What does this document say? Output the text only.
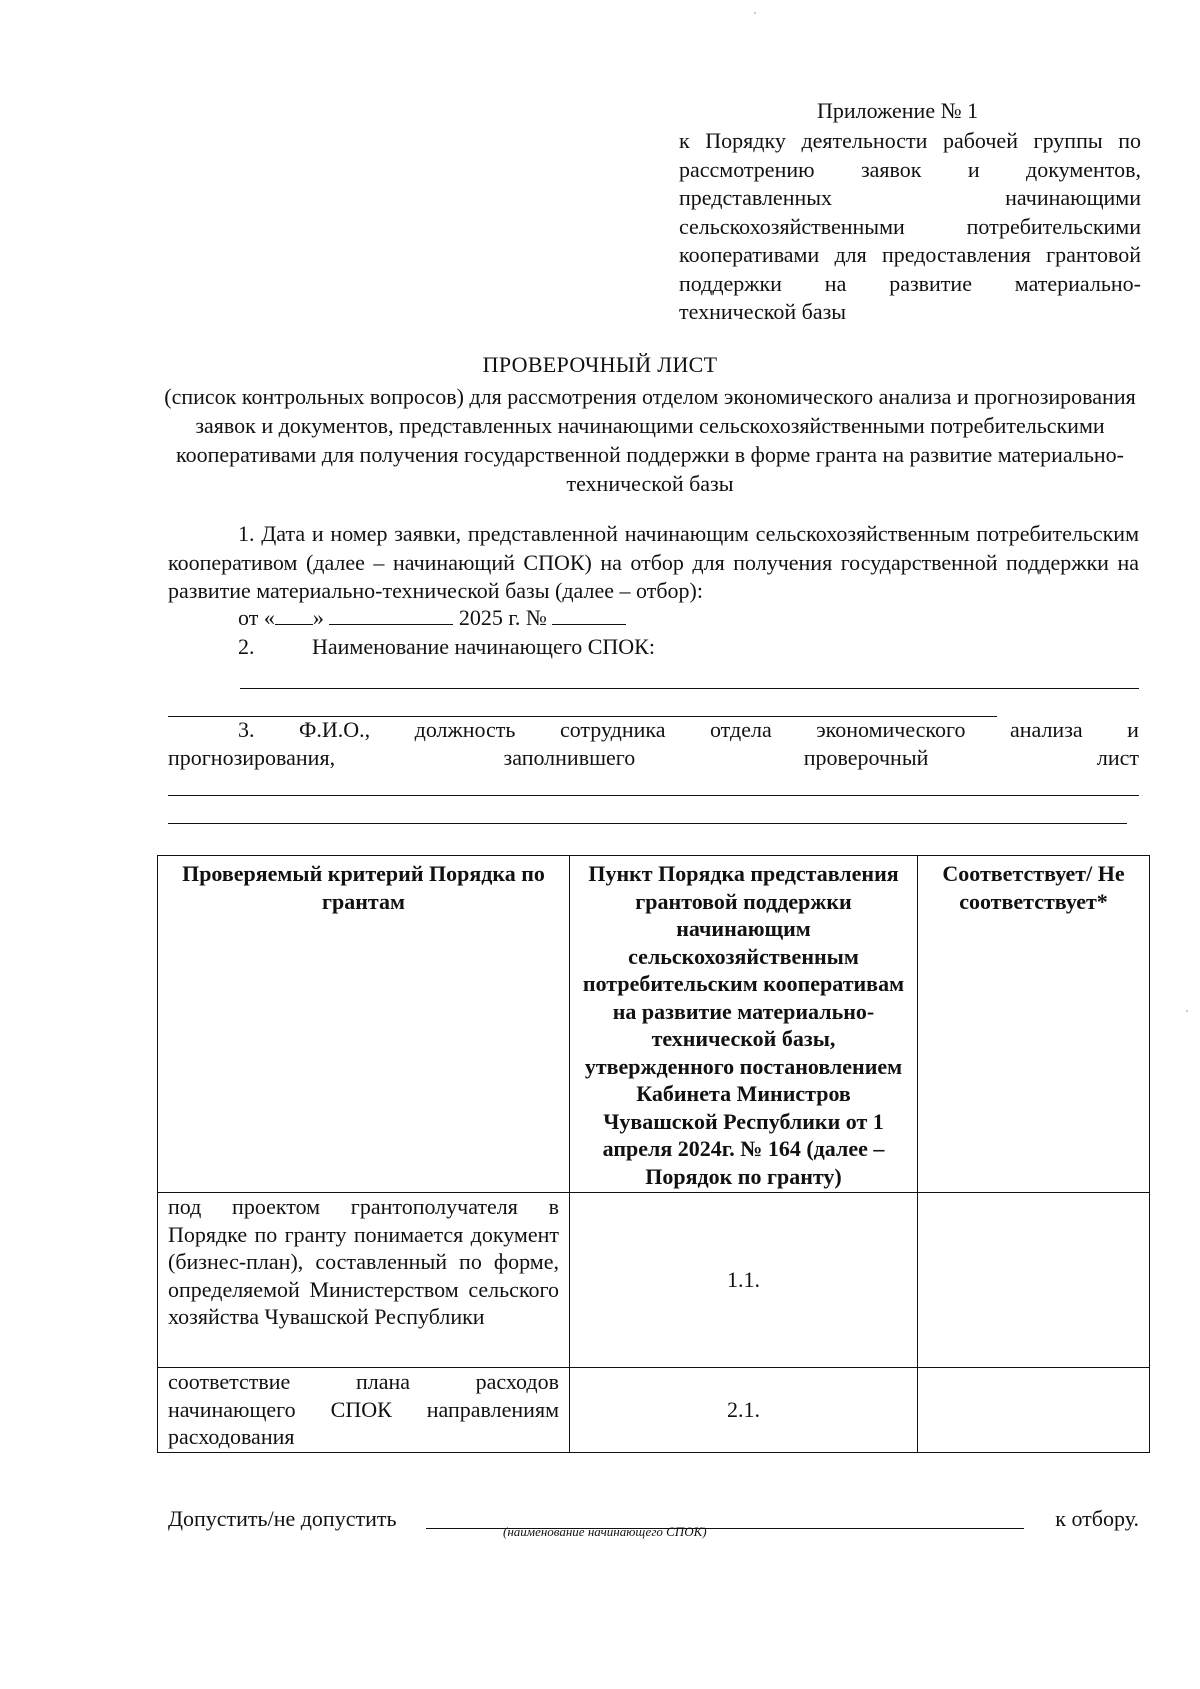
Приложение № 1
к Порядку деятельности рабочей группы по рассмотрению заявок и документов, представленных начинающими сельскохозяйственными потребительскими кооперативами для предоставления грантовой поддержки на развитие материально-технической базы
ПРОВЕРОЧНЫЙ ЛИСТ
(список контрольных вопросов) для рассмотрения отделом экономического анализа и прогнозирования заявок и документов, представленных начинающими сельскохозяйственными потребительскими кооперативами для получения государственной поддержки в форме гранта на развитие материально-технической базы
1. Дата и номер заявки, представленной начинающим сельскохозяйственным потребительским кооперативом (далее – начинающий СПОК) на отбор для получения государственной поддержки на развитие материально-технической базы (далее – отбор):
от « »	2025 г. №
2.	Наименование начинающего СПОК:
3. Ф.И.О., должность сотрудника отдела экономического анализа и
прогнозирования,	заполнившего	проверочный	лист
Проверяемый критерий Порядка по грантам	Пункт Порядка представления грантовой поддержки начинающим сельскохозяйственным потребительским кооперативам на развитие материально-технической базы, утвержденного постановлением Кабинета Министров Чувашской Республики от 1 апреля 2024г. № 164 (далее – Порядок по гранту)	Соответствует/ Не соответствует*
под проектом грантополучателя в Порядке по гранту понимается документ (бизнес-план), составленный по форме, определяемой Министерством сельского хозяйства Чувашской Республики	1.1.	
соответствие плана расходов начинающего СПОК направлениям расходования	2.1.	
Допустить/не допустить	к отбору.
(наименование начинающего СПОК)
